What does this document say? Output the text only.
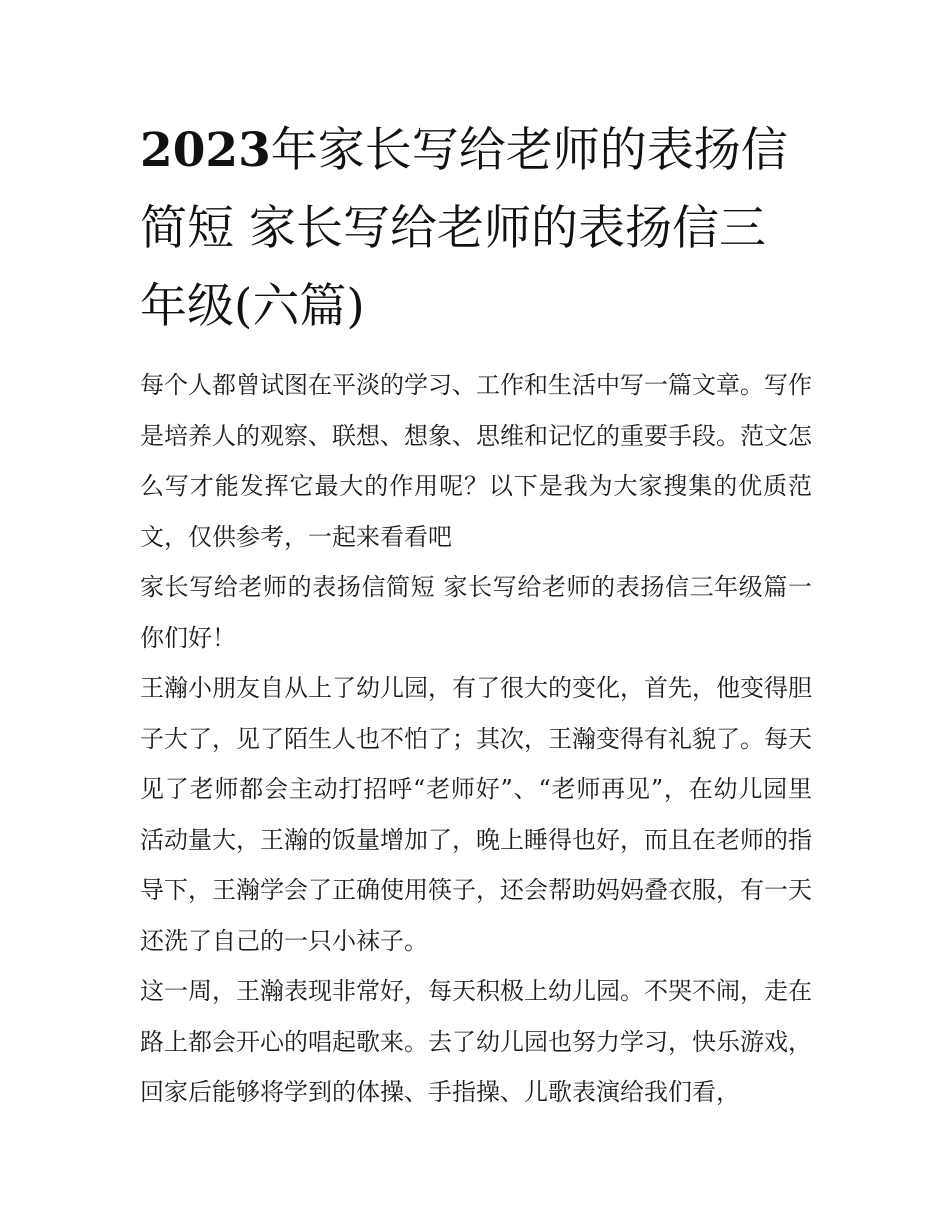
2023年家长写给老师的表扬信简短 家长写给老师的表扬信三年级(六篇)

每个人都曾试图在平淡的学习、工作和生活中写一篇文章。写作是培养人的观察、联想、想象、思维和记忆的重要手段。范文怎么写才能发挥它最大的作用呢？以下是我为大家搜集的优质范文，仅供参考，一起来看看吧

家长写给老师的表扬信简短 家长写给老师的表扬信三年级篇一 你们好！

王瀚小朋友自从上了幼儿园，有了很大的变化，首先，他变得胆子大了，见了陌生人也不怕了；其次，王瀚变得有礼貌了。每天见了老师都会主动打招呼“老师好”、“老师再见”，在幼儿园里活动量大，王瀚的饭量增加了，晚上睡得也好，而且在老师的指导下，王瀚学会了正确使用筷子，还会帮助妈妈叠衣服，有一天还洗了自己的一只小袜子。

这一周，王瀚表现非常好，每天积极上幼儿园。不哭不闹，走在路上都会开心的唱起歌来。去了幼儿园也努力学习，快乐游戏，回家后能够将学到的体操、手指操、儿歌表演给我们看，
